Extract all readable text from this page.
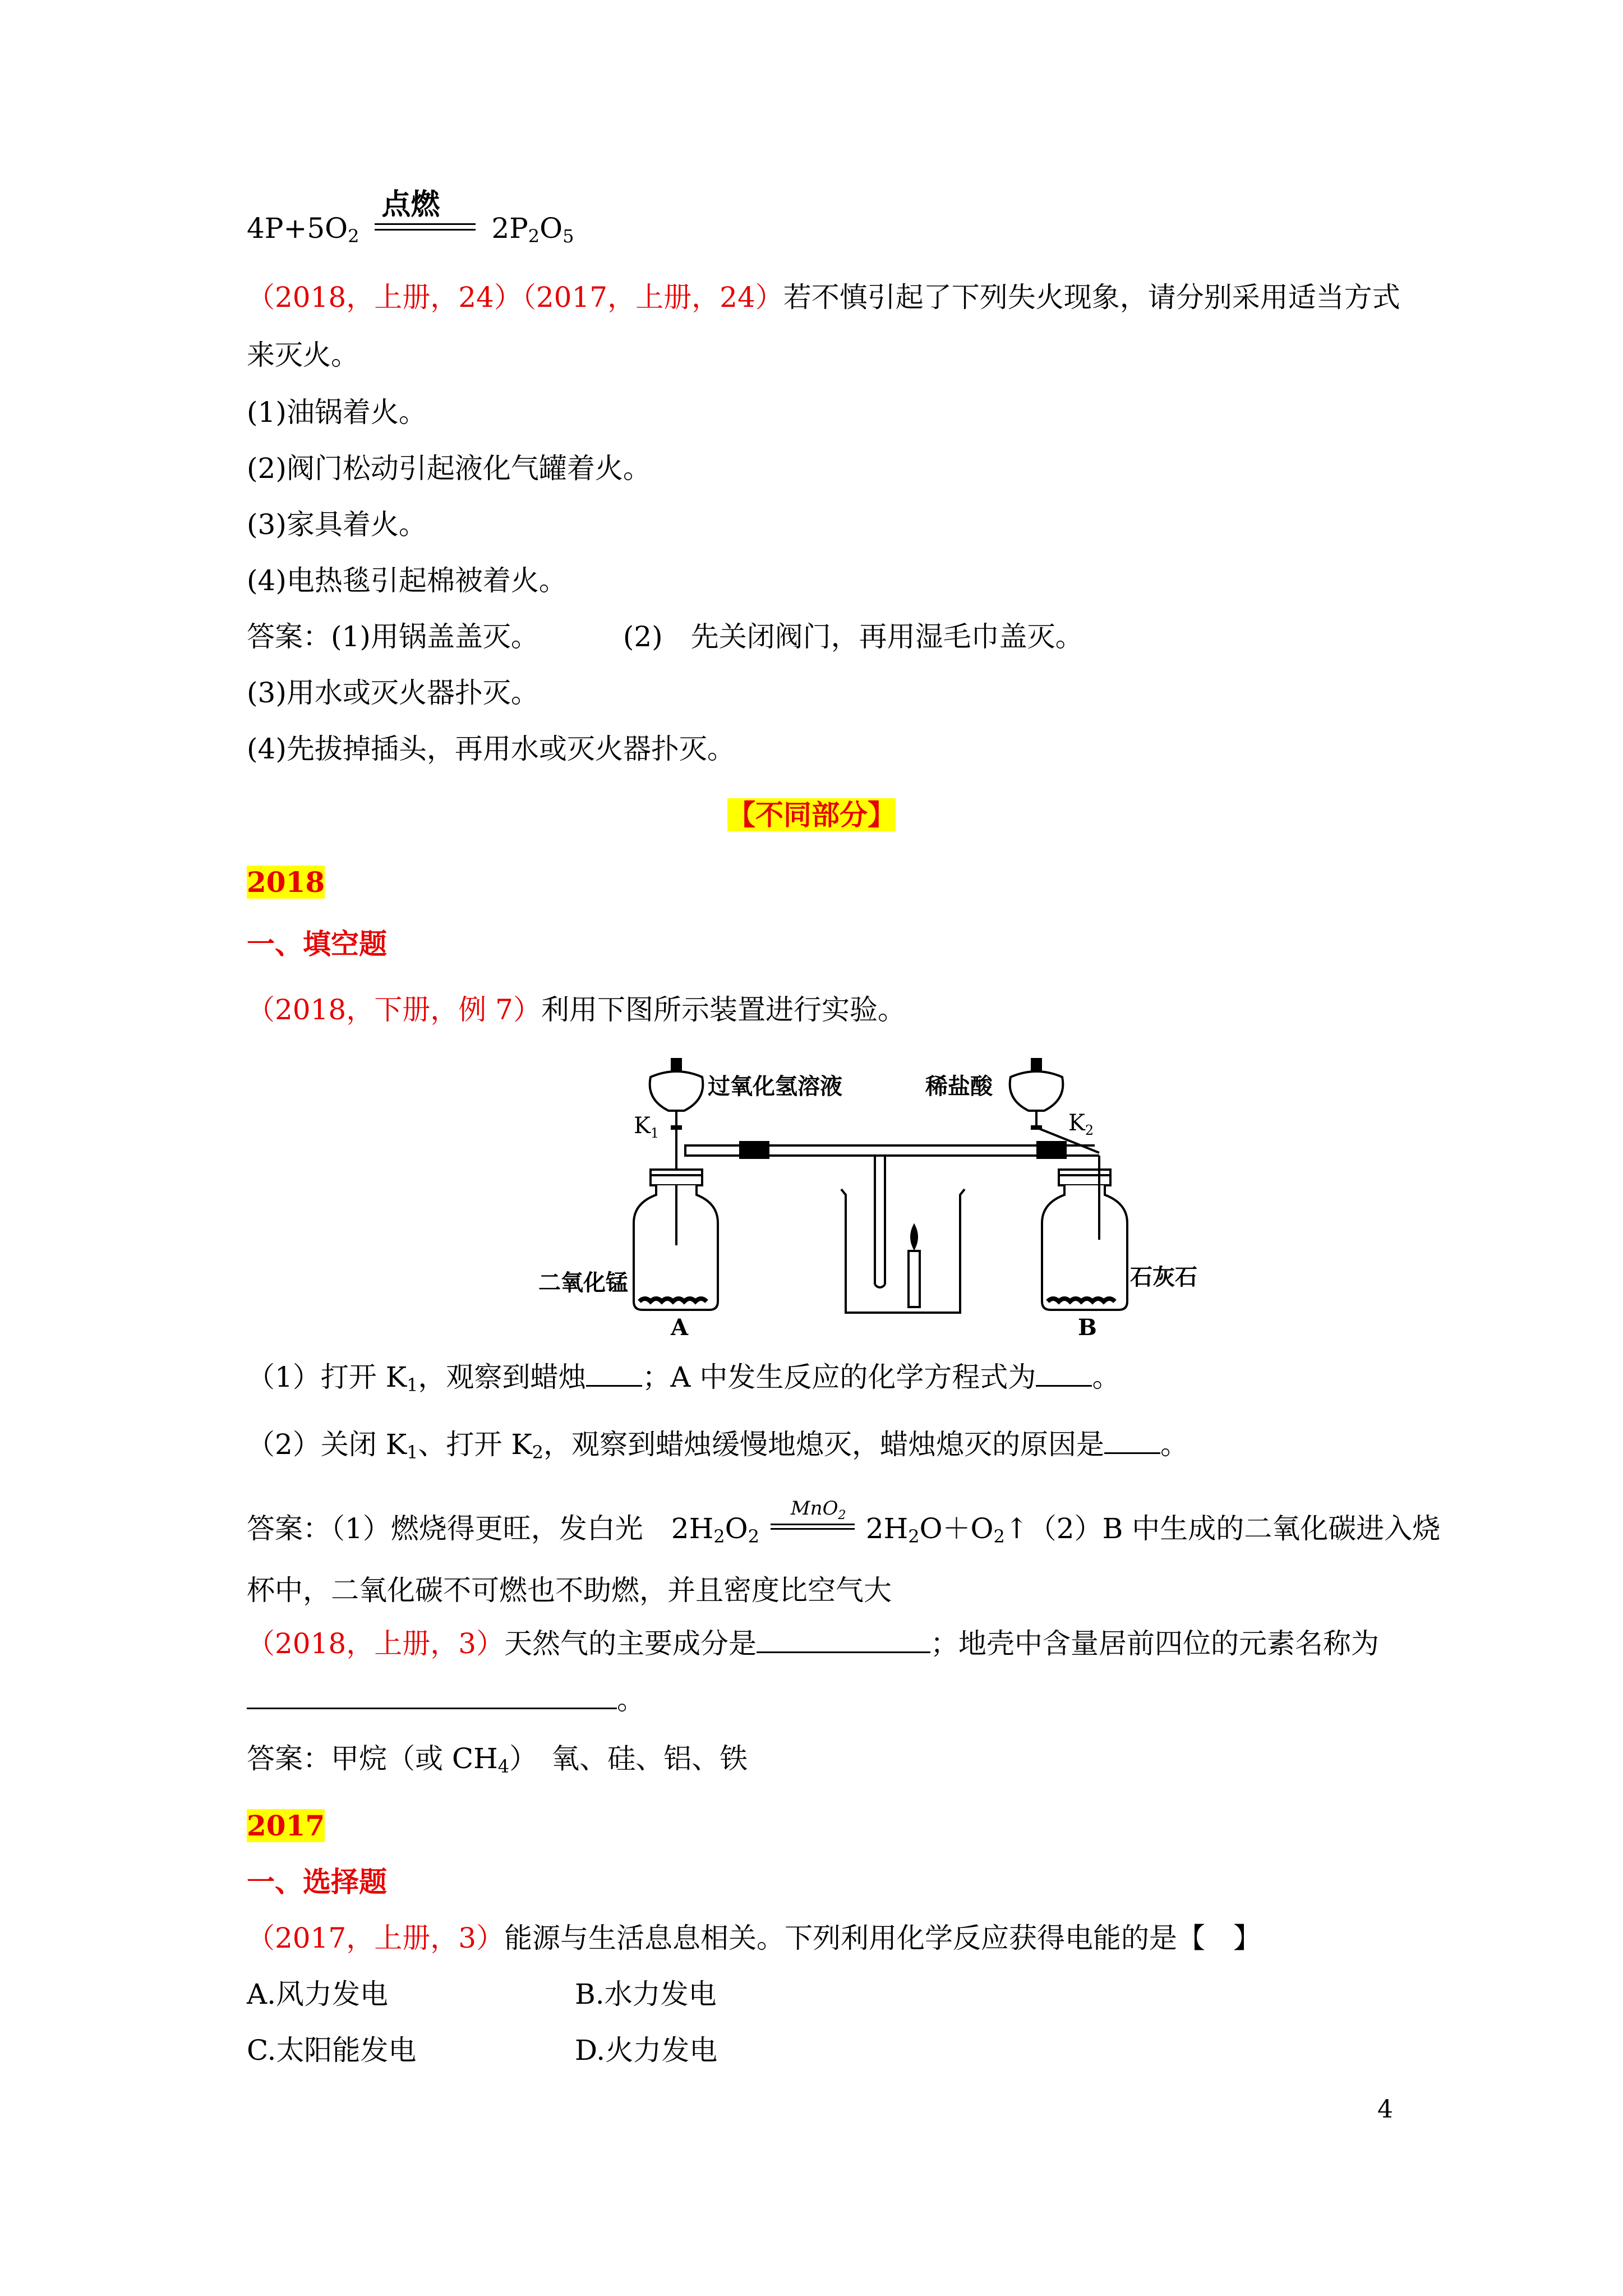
$4P+5O_2$
点燃
$2P_2O_5$
（2018，上册，24）（2017，上册，24）若不慎引起了下列失火现象，请分别采用适当方式
来灭火。
(1)油锅着火。
(2)阀门松动引起液化气罐着火。
(3)家具着火。
(4)电热毯引起棉被着火。
答案：(1)用锅盖盖灭。	(2)　先关闭阀门，再用湿毛巾盖灭。
(3)用水或灭火器扑灭。
(4)先拔掉插头，再用水或灭火器扑灭。
【不同部分】
2018
一、填空题
（2018，下册，例 7）利用下图所示装置进行实验。
过氧化氢溶液	稀盐酸
$K_1$	$K_2$
二氧化锰	石灰石
A	B
（1）打开 $K_1$，观察到蜡烛 ；A 中发生反应的化学方程式为 。
（2）关闭 $K_1$、打开 $K_2$，观察到蜡烛缓慢地熄灭，蜡烛熄灭的原因是 。
答案：（1）燃烧得更旺，发白光　$2H_2O_2$
MnO$_2$ $2H_2O+O_2↑(2)B$ 中生成的二氧化碳进入烧
杯中，二氧化碳不可燃也不助燃，并且密度比空气大
（2018，上册，3）天然气的主要成分是	；地壳中含量居前四位的元素名称为
。
答案：甲烷（或 $CH_4$）　氧、硅、铝、铁
2017
一、选择题
（2017，上册，3）能源与生活息息相关。下列利用化学反应获得电能的是【　】
A.风力发电	B.水力发电
C.太阳能发电	D.火力发电
4
